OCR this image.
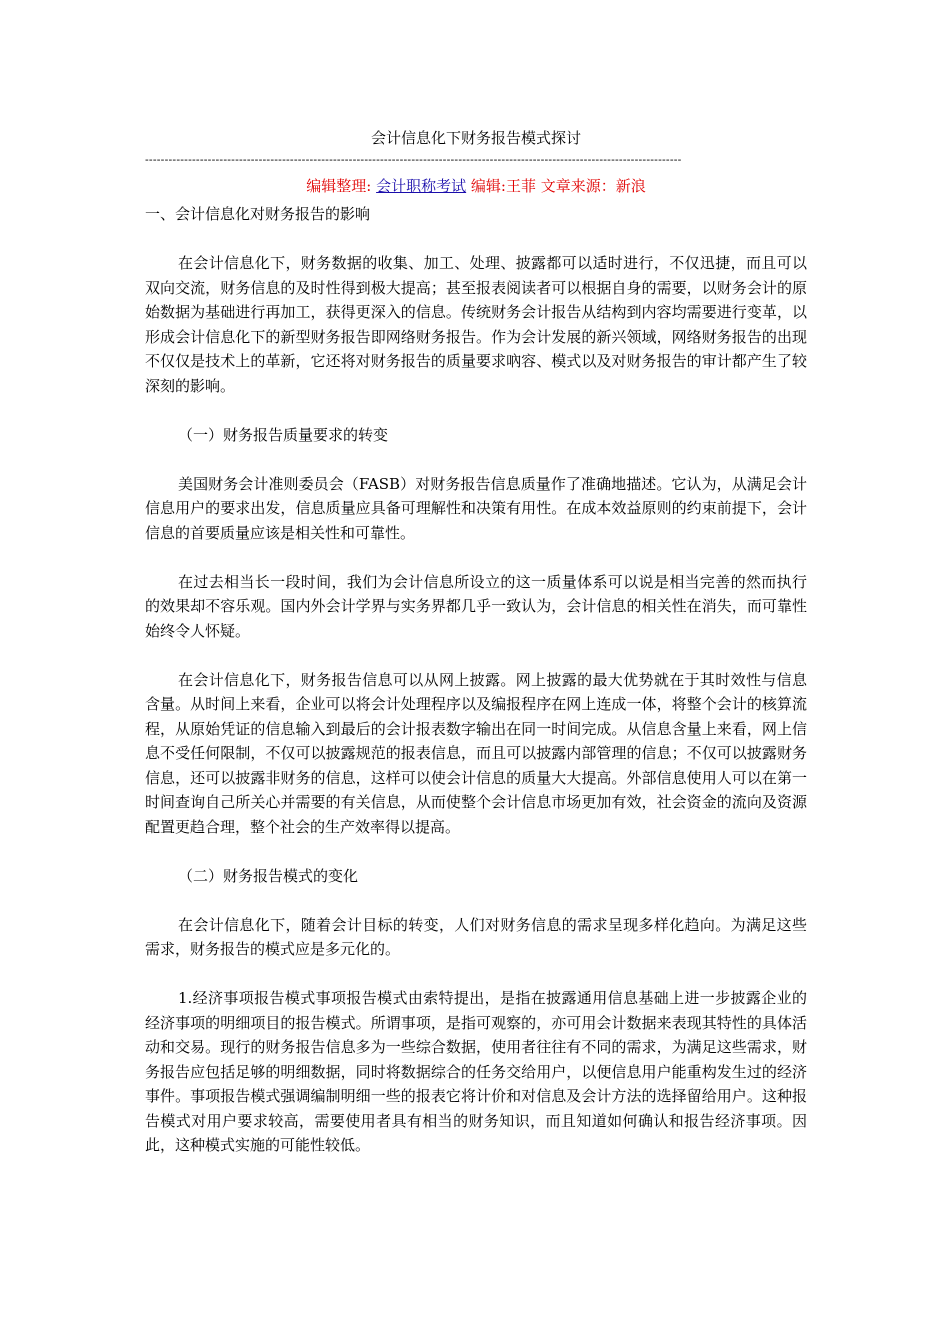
会计信息化下财务报告模式探讨
-----------------------------------------------------------------------------------------------------------------------------------------
编辑整理: 会计职称考试 编辑:王菲 文章来源：新浪

一、会计信息化对财务报告的影响

在会计信息化下，财务数据的收集、加工、处理、披露都可以适时进行，不仅迅捷，而且可以双向交流，财务信息的及时性得到极大提高；甚至报表阅读者可以根据自身的需要，以财务会计的原始数据为基础进行再加工，获得更深入的信息。传统财务会计报告从结构到内容均需要进行变革，以形成会计信息化下的新型财务报告即网络财务报告。作为会计发展的新兴领域，网络财务报告的出现不仅仅是技术上的革新，它还将对财务报告的质量要求吶容、模式以及对财务报告的审计都产生了较深刻的影响。

（一）财务报告质量要求的转变

美国财务会计准则委员会（FASB）对财务报告信息质量作了准确地描述。它认为，从满足会计信息用户的要求出发，信息质量应具备可理解性和决策有用性。在成本效益原则的约束前提下，会计信息的首要质量应该是相关性和可靠性。

在过去相当长一段时间，我们为会计信息所设立的这一质量体系可以说是相当完善的然而执行的效果却不容乐观。国内外会计学界与实务界都几乎一致认为，会计信息的相关性在消失，而可靠性始终令人怀疑。

在会计信息化下，财务报告信息可以从网上披露。网上披露的最大优势就在于其时效性与信息含量。从时间上来看，企业可以将会计处理程序以及编报程序在网上连成一体，将整个会计的核算流程，从原始凭证的信息输入到最后的会计报表数字输出在同一时间完成。从信息含量上来看，网上信息不受任何限制，不仅可以披露规范的报表信息，而且可以披露内部管理的信息；不仅可以披露财务信息，还可以披露非财务的信息，这样可以使会计信息的质量大大提高。外部信息使用人可以在第一时间查询自己所关心并需要的有关信息，从而使整个会计信息市场更加有效，社会资金的流向及资源配置更趋合理，整个社会的生产效率得以提高。

（二）财务报告模式的变化

在会计信息化下，随着会计目标的转变，人们对财务信息的需求呈现多样化趋向。为满足这些需求，财务报告的模式应是多元化的。

1.经济事项报告模式事项报告模式由索特提出，是指在披露通用信息基础上进一步披露企业的经济事项的明细项目的报告模式。所谓事项，是指可观察的，亦可用会计数据来表现其特性的具体活动和交易。现行的财务报告信息多为一些综合数据，使用者往往有不同的需求，为满足这些需求，财务报告应包括足够的明细数据，同时将数据综合的任务交给用户，以便信息用户能重构发生过的经济事件。事项报告模式强调编制明细一些的报表它将计价和对信息及会计方法的选择留给用户。这种报告模式对用户要求较高，需要使用者具有相当的财务知识，而且知道如何确认和报告经济事项。因此，这种模式实施的可能性较低。
